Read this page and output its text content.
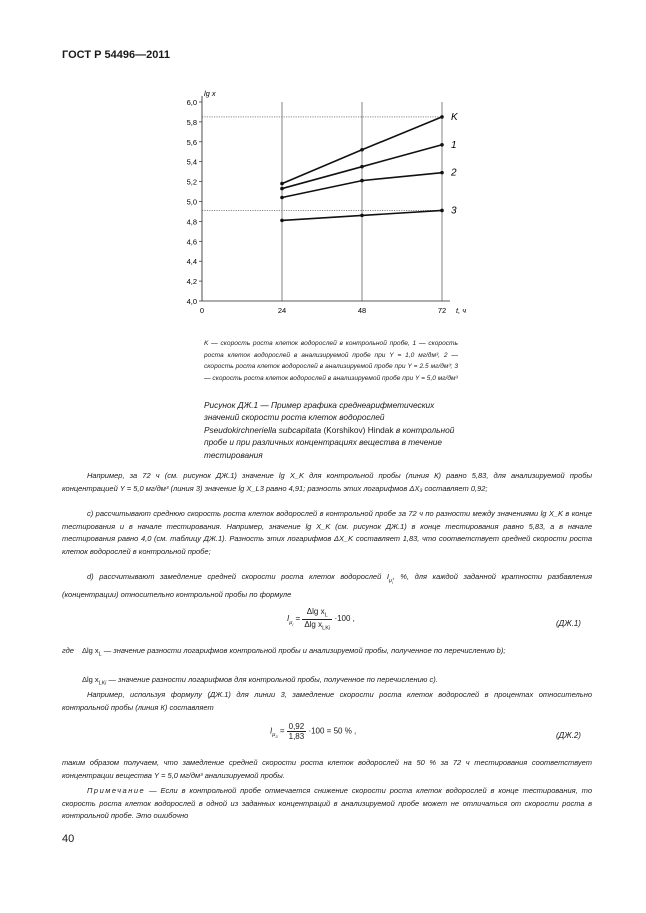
ГОСТ Р 54496—2011
4,0
4,2
4,4
4,6
4,8
5,0
5,2
5,4
5,6
5,8
6,0
0	24	48	72
lg x
t, ч
K
1
2
3
K — скорость роста клеток водорослей в контрольной пробе, 1 — скорость роста клеток водорослей в анализируемой пробе при Y = 1,0 мг/дм³, 2 — скорость роста клеток водорослей в анализируемой пробе при Y = 2.5 мг/дм³; 3 — скорость роста клеток водорослей в анализируемой пробе при Y = 5,0 мг/дм³
Рисунок ДЖ.1 — Пример графика среднеарифметических значений скорости роста клеток водорослей Pseudokirchneriella subcapitata (Korshikov) Hindak в контрольной пробе и при различных концентрациях вещества в течение тестирования
Например, за 72 ч (см. рисунок ДЖ.1) значение lg X_K для контрольной пробы (линия К) равно 5,83, для анализируемой пробы концентрацией Y = 5,0 мг/дм³ (линия 3) значение lg X_L3 равно 4,91; разность этих логарифмов ΔX₃ составляет 0,92;
c) рассчитывают среднюю скорость роста клеток водорослей в контрольной пробе за 72 ч по разности между значениями lg X_K в конце тестирования и в начале тестирования. Например, значение lg X_K (см. рисунок ДЖ.1) в конце тестирования равно 5,83, а в начале тестирования равно 4,0 (см. таблицу ДЖ.1). Разность этих логарифмов ΔX_K составляет 1,83, что соответствует средней скорости роста клеток водорослей в контрольной пробе;
d) рассчитывают замедление средней скорости роста клеток водорослей $I_{\mu_i}$, %, для каждой заданной кратности разбавления (концентрации) относительно контрольной пробы по формуле
$I_{\mu_i} = \frac{\Delta\lg x_L}{\Delta\lg x_{LKi}} \cdot 100$ ,
(ДЖ.1)
где Δlg $x_L$ — значение разности логарифмов контрольной пробы и анализируемой пробы, полученное по перечислению b);
Δlg $x_{LKi}$ — значение разности логарифмов для контрольной пробы, полученное по перечислению c).
Например, используя формулу (ДЖ.1) для линии 3, замедление скорости роста клеток водорослей в процентах относительно контрольной пробы (линия К) составляет
$I_{\mu_3} = \frac{0,92}{1,83} \cdot 100 = 50$ % ,	(ДЖ.2)
таким образом получаем, что замедление средней скорости роста клеток водорослей на 50 % за 72 ч тестирования соответствует концентрации вещества Y = 5,0 мг/дм³ анализируемой пробы.
Примечание — Если в контрольной пробе отмечается снижение скорости роста клеток водорослей в конце тестирования, то скорость роста клеток водорослей в одной из заданных концентраций в анализируемой пробе может не отличаться от скорости роста в контрольной пробе. Это ошибочно
40
